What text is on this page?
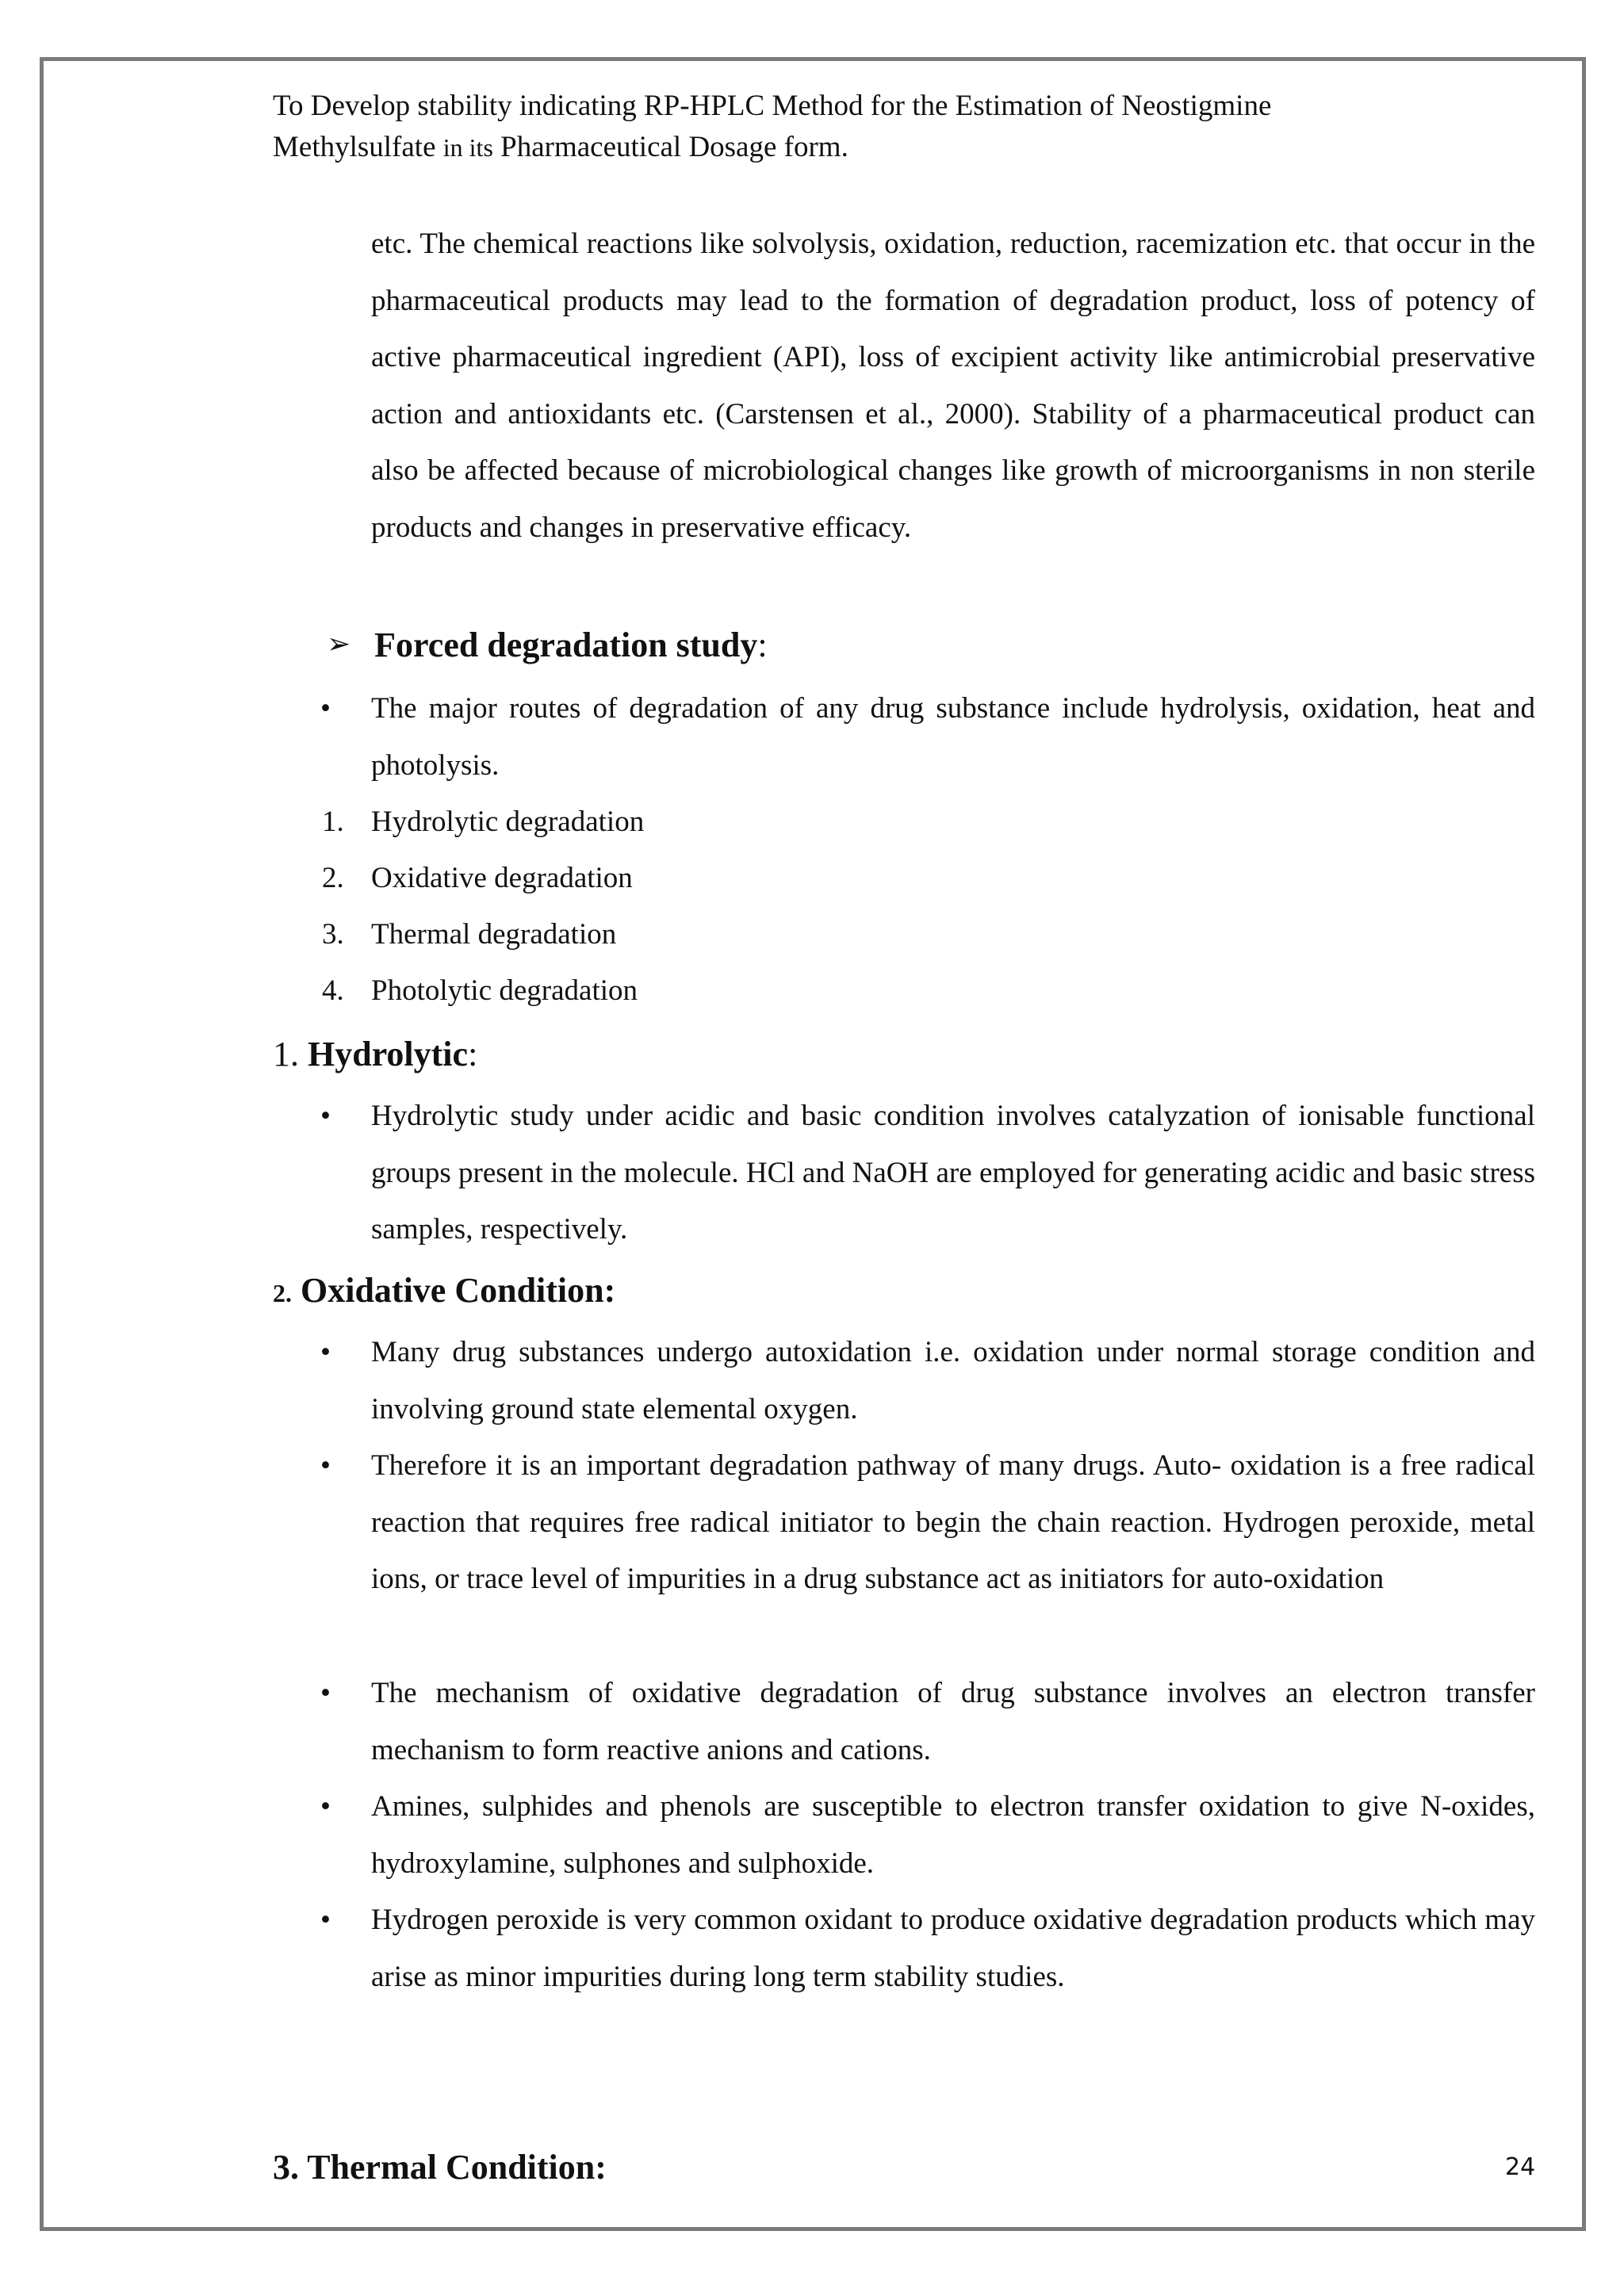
To Develop stability indicating RP-HPLC Method for the Estimation of Neostigmine
Methylsulfate in its Pharmaceutical Dosage form.
etc. The chemical reactions like solvolysis, oxidation, reduction, racemization etc. that occur in the pharmaceutical products may lead to the formation of degradation product, loss of potency of active pharmaceutical ingredient (API), loss of excipient activity like antimicrobial preservative action and antioxidants etc. (Carstensen et al., 2000). Stability of a pharmaceutical product can also be affected because of microbiological changes like growth of microorganisms in non sterile products and changes in preservative efficacy.
➢ Forced degradation study:
•	The major routes of degradation of any drug substance include hydrolysis, oxidation, heat and photolysis.
1. Hydrolytic degradation
2. Oxidative degradation
3. Thermal degradation
4. Photolytic degradation
1. Hydrolytic:
•	Hydrolytic study under acidic and basic condition involves catalyzation of ionisable functional groups present in the molecule. HCl and NaOH are employed for generating acidic and basic stress samples, respectively.
2. Oxidative Condition:
•	Many drug substances undergo autoxidation i.e. oxidation under normal storage condition and involving ground state elemental oxygen.
•	Therefore it is an important degradation pathway of many drugs. Auto- oxidation is a free radical reaction that requires free radical initiator to begin the chain reaction. Hydrogen peroxide, metal ions, or trace level of impurities in a drug substance act as initiators for auto-oxidation
•	The mechanism of oxidative degradation of drug substance involves an electron transfer mechanism to form reactive anions and cations.
•	Amines, sulphides and phenols are susceptible to electron transfer oxidation to give N-oxides, hydroxylamine, sulphones and sulphoxide.
•	Hydrogen peroxide is very common oxidant to produce oxidative degradation products which may arise as minor impurities during long term stability studies.
3. Thermal Condition:	24
